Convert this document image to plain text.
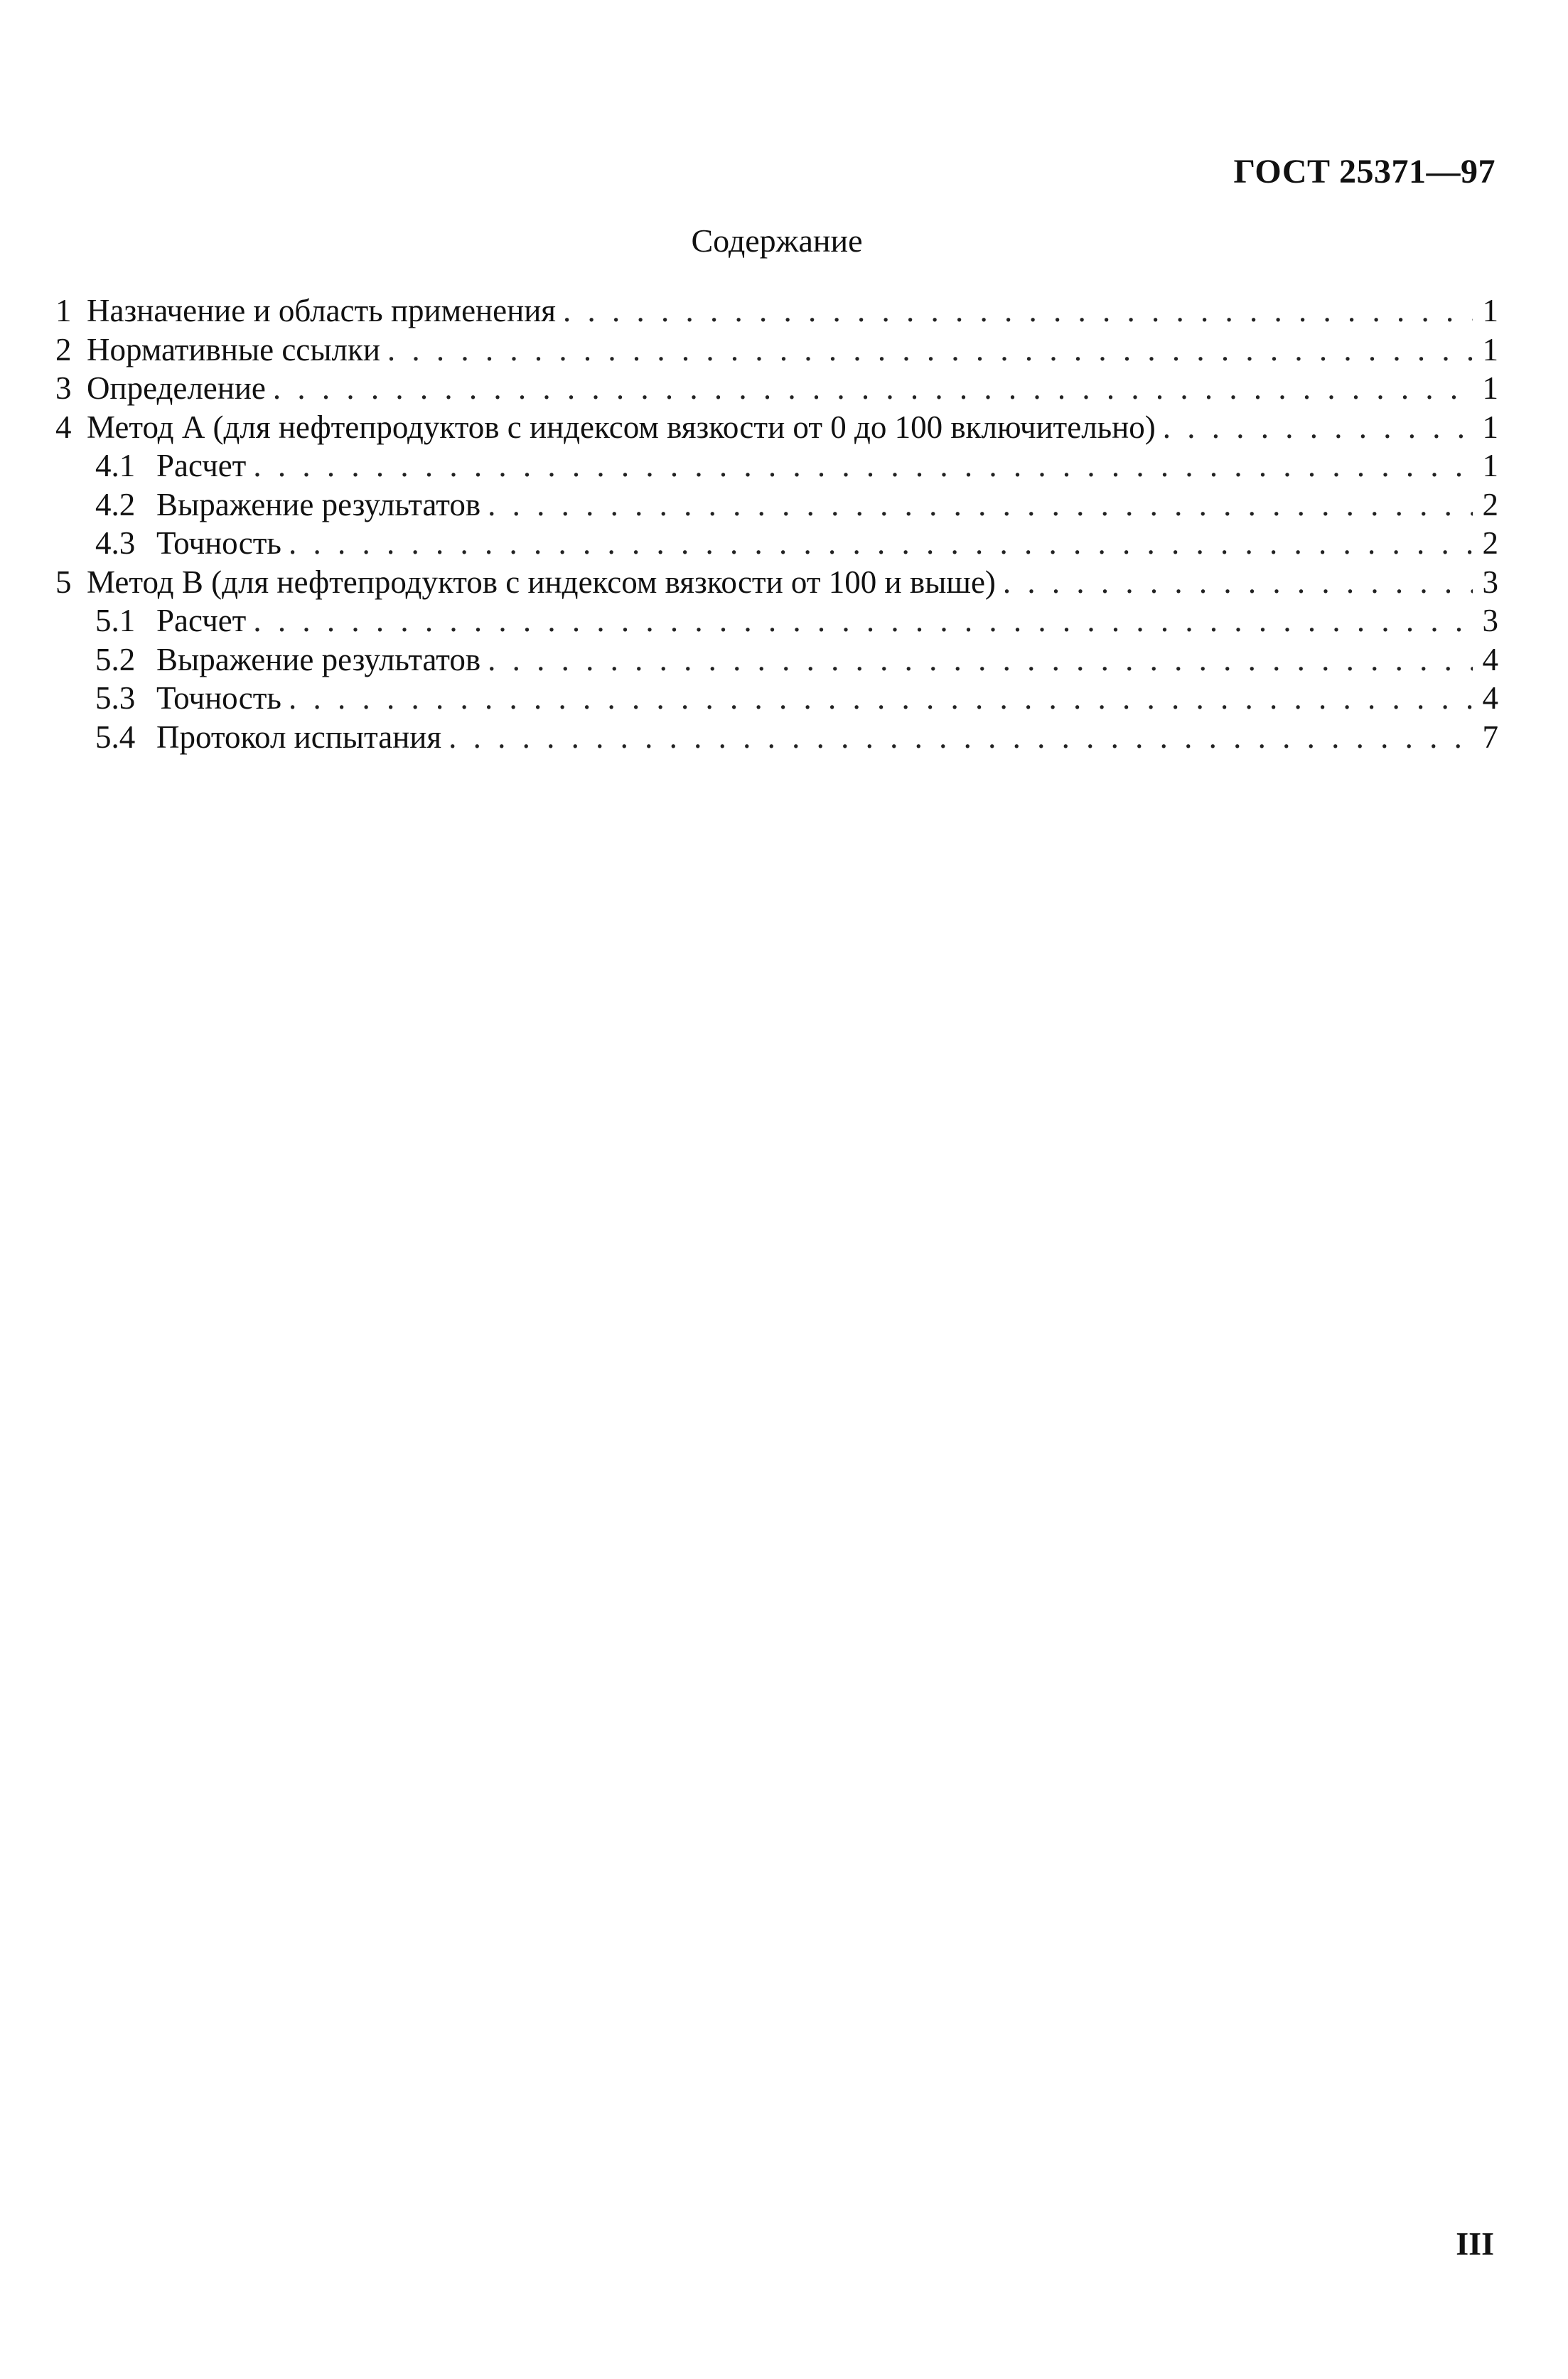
ГОСТ 25371—97

Содержание
1 Назначение и область применения . . .	1
2 Нормативные ссылки . . .	1
3 Определение . . .	1
4 Метод А (для нефтепродуктов с индексом вязкости от 0 до 100 включительно) . . .	1
4.1 Расчет . . .	1
4.2 Выражение результатов . . .	2
4.3 Точность . . .	2
5 Метод В (для нефтепродуктов с индексом вязкости от 100 и выше) . . .	3
5.1 Расчет . . .	3
5.2 Выражение результатов . . .	4
5.3 Точность . . .	4
5.4 Протокол испытания . . .	7

III
